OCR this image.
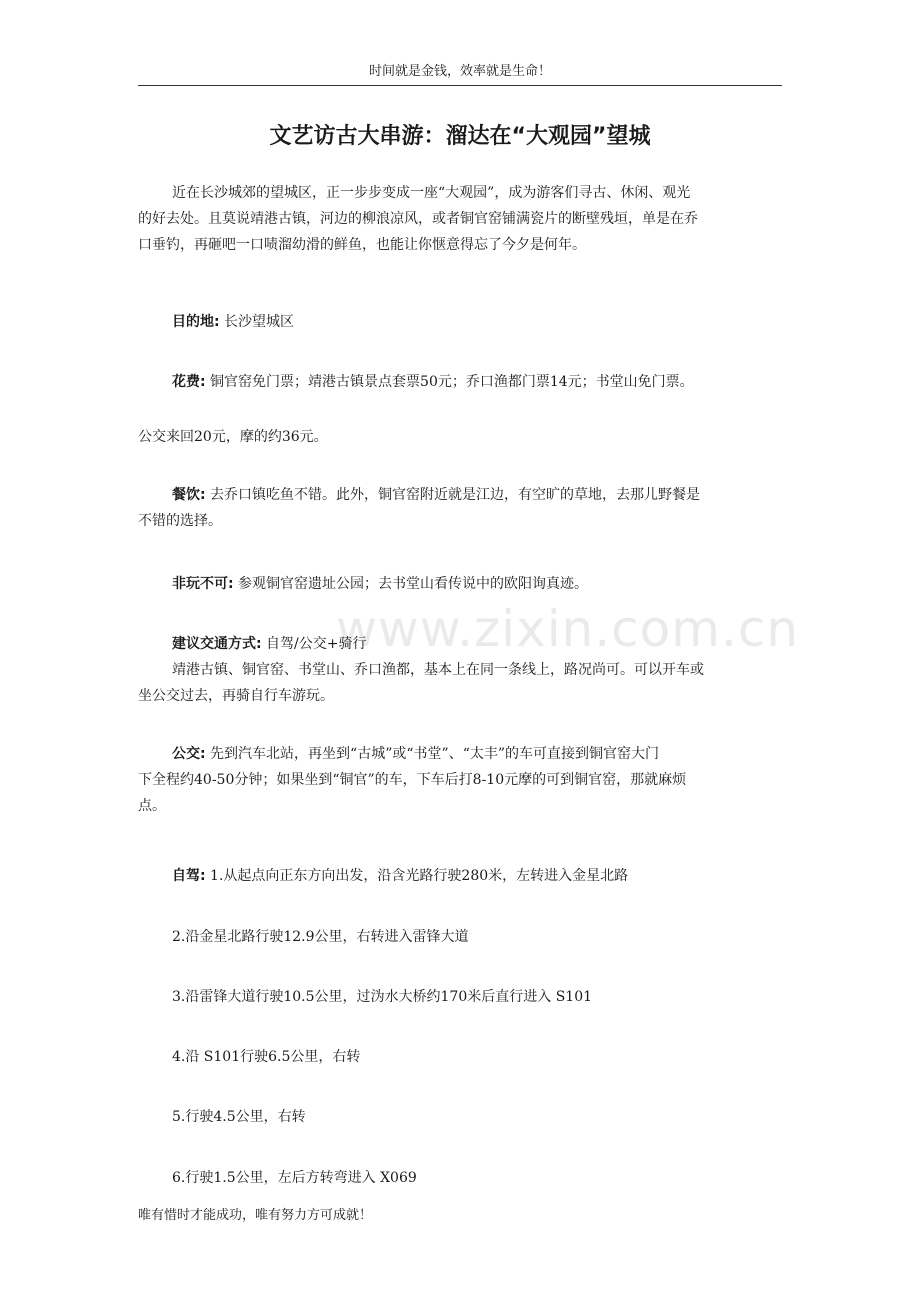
时间就是金钱，效率就是生命！
文艺访古大串游：溜达在“大观园”望城
www.zixin.com.cn
近在长沙城郊的望城区，正一步步变成一座“大观园”，成为游客们寻古、休闲、观光
的好去处。且莫说靖港古镇，河边的柳浪凉风，或者铜官窑铺满瓷片的断壁残垣，单是在乔
口垂钓，再砸吧一口啧溜幼滑的鲜鱼，也能让你惬意得忘了今夕是何年。
目的地: 长沙望城区
花费: 铜官窑免门票；靖港古镇景点套票50元；乔口渔都门票14元；书堂山免门票。
公交来回20元，摩的约36元。
餐饮: 去乔口镇吃鱼不错。此外，铜官窑附近就是江边，有空旷的草地，去那儿野餐是
不错的选择。
非玩不可: 参观铜官窑遗址公园；去书堂山看传说中的欧阳询真迹。
建议交通方式: 自驾/公交+骑行
靖港古镇、铜官窑、书堂山、乔口渔都，基本上在同一条线上，路况尚可。可以开车或
坐公交过去，再骑自行车游玩。
公交: 先到汽车北站，再坐到“古城”或“书堂”、“太丰”的车可直接到铜官窑大门
下全程约40-50分钟；如果坐到“铜官”的车，下车后打8-10元摩的可到铜官窑，那就麻烦
点。
自驾: 1.从起点向正东方向出发，沿含光路行驶280米，左转进入金星北路
2.沿金星北路行驶12.9公里，右转进入雷锋大道
3.沿雷锋大道行驶10.5公里，过沩水大桥约170米后直行进入 S101
4.沿 S101行驶6.5公里，右转
5.行驶4.5公里，右转
6.行驶1.5公里，左后方转弯进入 X069
唯有惜时才能成功，唯有努力方可成就！
